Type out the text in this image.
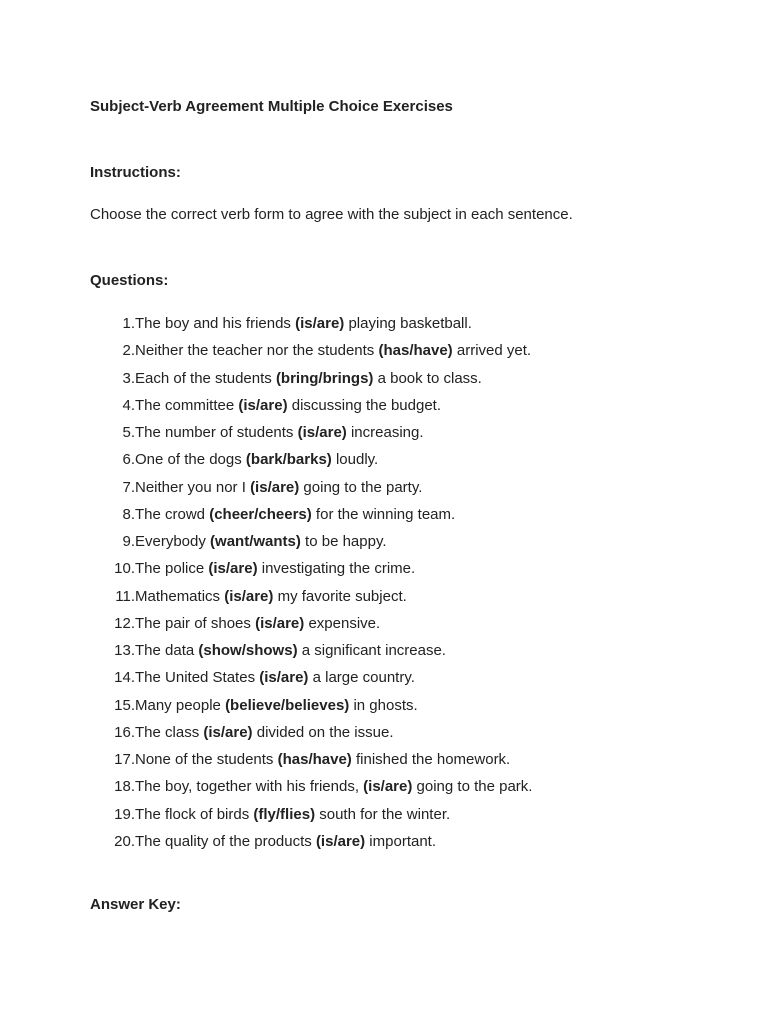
Subject-Verb Agreement Multiple Choice Exercises
Instructions:
Choose the correct verb form to agree with the subject in each sentence.
Questions:
1. The boy and his friends (is/are) playing basketball.
2. Neither the teacher nor the students (has/have) arrived yet.
3. Each of the students (bring/brings) a book to class.
4. The committee (is/are) discussing the budget.
5. The number of students (is/are) increasing.
6. One of the dogs (bark/barks) loudly.
7. Neither you nor I (is/are) going to the party.
8. The crowd (cheer/cheers) for the winning team.
9. Everybody (want/wants) to be happy.
10. The police (is/are) investigating the crime.
11. Mathematics (is/are) my favorite subject.
12. The pair of shoes (is/are) expensive.
13. The data (show/shows) a significant increase.
14. The United States (is/are) a large country.
15. Many people (believe/believes) in ghosts.
16. The class (is/are) divided on the issue.
17. None of the students (has/have) finished the homework.
18. The boy, together with his friends, (is/are) going to the park.
19. The flock of birds (fly/flies) south for the winter.
20. The quality of the products (is/are) important.
Answer Key:
